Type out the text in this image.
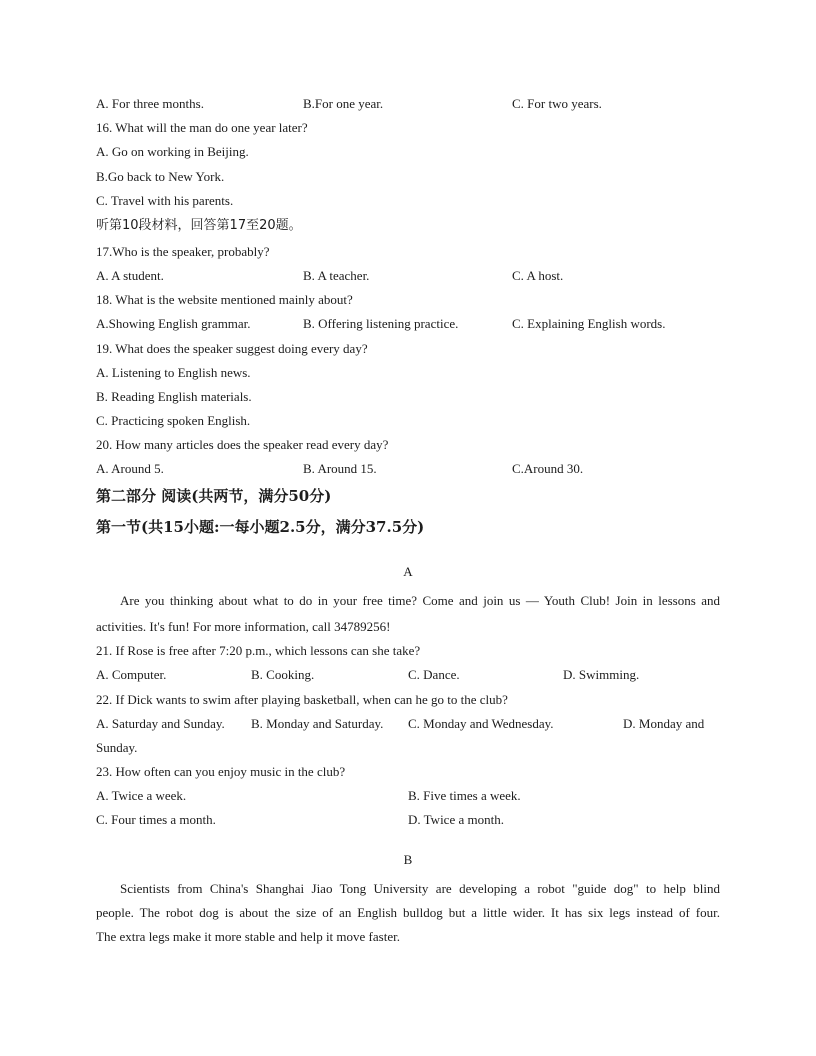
A. For three months.	B.For one year.	C. For two years.
16. What will the man do one year later?
A. Go on working in Beijing.
B.Go back to New York.
C. Travel with his parents.
听第10段材料，回答第17至20题。
17.Who is the speaker, probably?
A. A student.	B. A teacher.	C. A host.
18. What is the website mentioned mainly about?
A.Showing English grammar.	B. Offering listening practice.	C. Explaining English words.
19. What does the speaker suggest doing every day?
A. Listening to English news.
B. Reading English materials.
C. Practicing spoken English.
20. How many articles does the speaker read every day?
A. Around 5.	B. Around 15.	C.Around 30.
第二部分 阅读(共两节，满分50分)
第一节(共15小题:一每小题2.5分，满分37.5分)
A
Are you thinking about what to do in your free time? Come and join us — Youth Club! Join in lessons and
activities. It's fun! For more information, call 34789256!
21. If Rose is free after 7:20 p.m., which lessons can she take?
A. Computer.	B. Cooking.	C. Dance.	D. Swimming.
22. If Dick wants to swim after playing basketball, when can he go to the club?
A. Saturday and Sunday. B. Monday and Saturday. C. Monday and Wednesday.	D. Monday and
Sunday.
23. How often can you enjoy music in the club?
A. Twice a week.	B. Five times a week.
C. Four times a month.	D. Twice a month.
B
Scientists from China's Shanghai Jiao Tong University are developing a robot "guide dog" to help blind
people. The robot dog is about the size of an English bulldog but a little wider. It has six legs instead of four.
The extra legs make it more stable and help it move faster.
